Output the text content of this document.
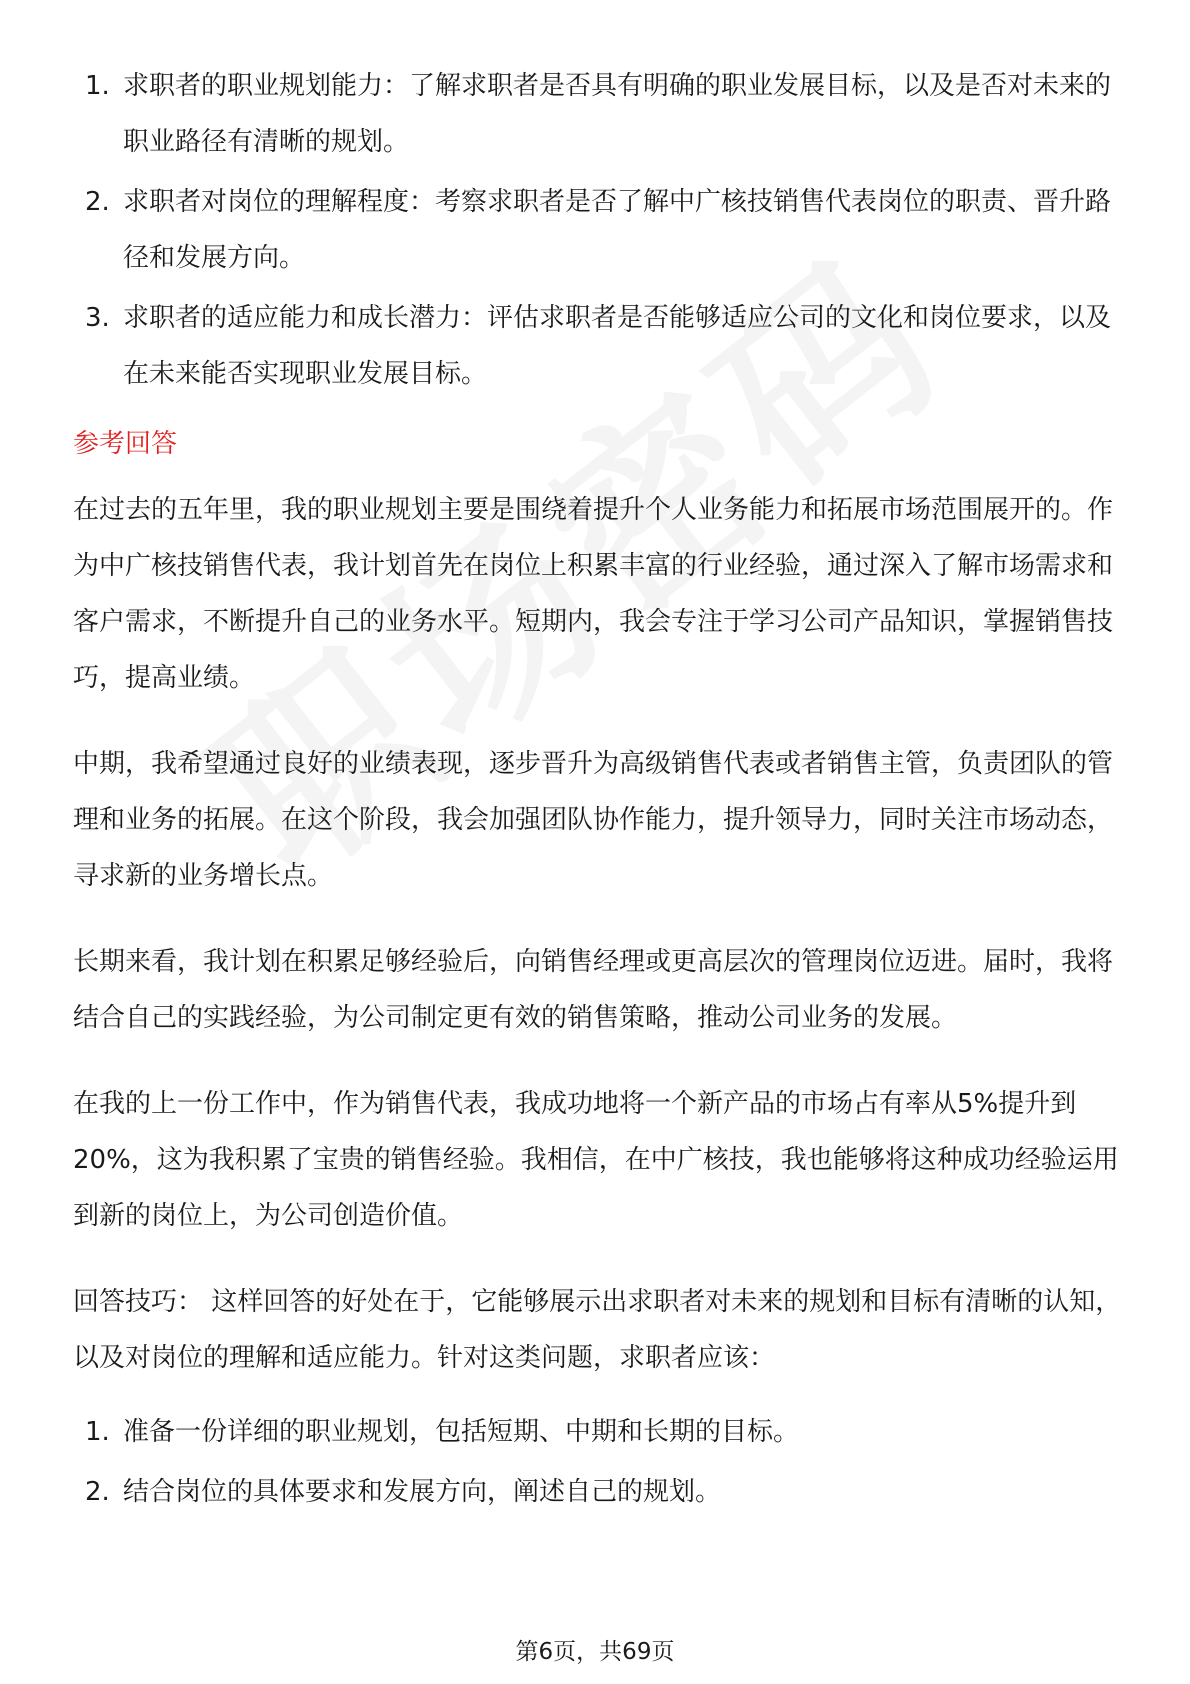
1. 求职者的职业规划能力：了解求职者是否具有明确的职业发展目标，以及是否对未来的职业路径有清晰的规划。
2. 求职者对岗位的理解程度：考察求职者是否了解中广核技销售代表岗位的职责、晋升路径和发展方向。
3. 求职者的适应能力和成长潜力：评估求职者是否能够适应公司的文化和岗位要求，以及在未来能否实现职业发展目标。
参考回答

在过去的五年里，我的职业规划主要是围绕着提升个人业务能力和拓展市场范围展开的。作为中广核技销售代表，我计划首先在岗位上积累丰富的行业经验，通过深入了解市场需求和客户需求，不断提升自己的业务水平。短期内，我会专注于学习公司产品知识，掌握销售技巧，提高业绩。

中期，我希望通过良好的业绩表现，逐步晋升为高级销售代表或者销售主管，负责团队的管理和业务的拓展。在这个阶段，我会加强团队协作能力，提升领导力，同时关注市场动态，寻求新的业务增长点。

长期来看，我计划在积累足够经验后，向销售经理或更高层次的管理岗位迈进。届时，我将结合自己的实践经验，为公司制定更有效的销售策略，推动公司业务的发展。

在我的上一份工作中，作为销售代表，我成功地将一个新产品的市场占有率从5%提升到20%，这为我积累了宝贵的销售经验。我相信，在中广核技，我也能够将这种成功经验运用到新的岗位上，为公司创造价值。

回答技巧： 这样回答的好处在于，它能够展示出求职者对未来的规划和目标有清晰的认知，以及对岗位的理解和适应能力。针对这类问题，求职者应该：

1. 准备一份详细的职业规划，包括短期、中期和长期的目标。
2. 结合岗位的具体要求和发展方向，阐述自己的规划。
第6页，共69页
